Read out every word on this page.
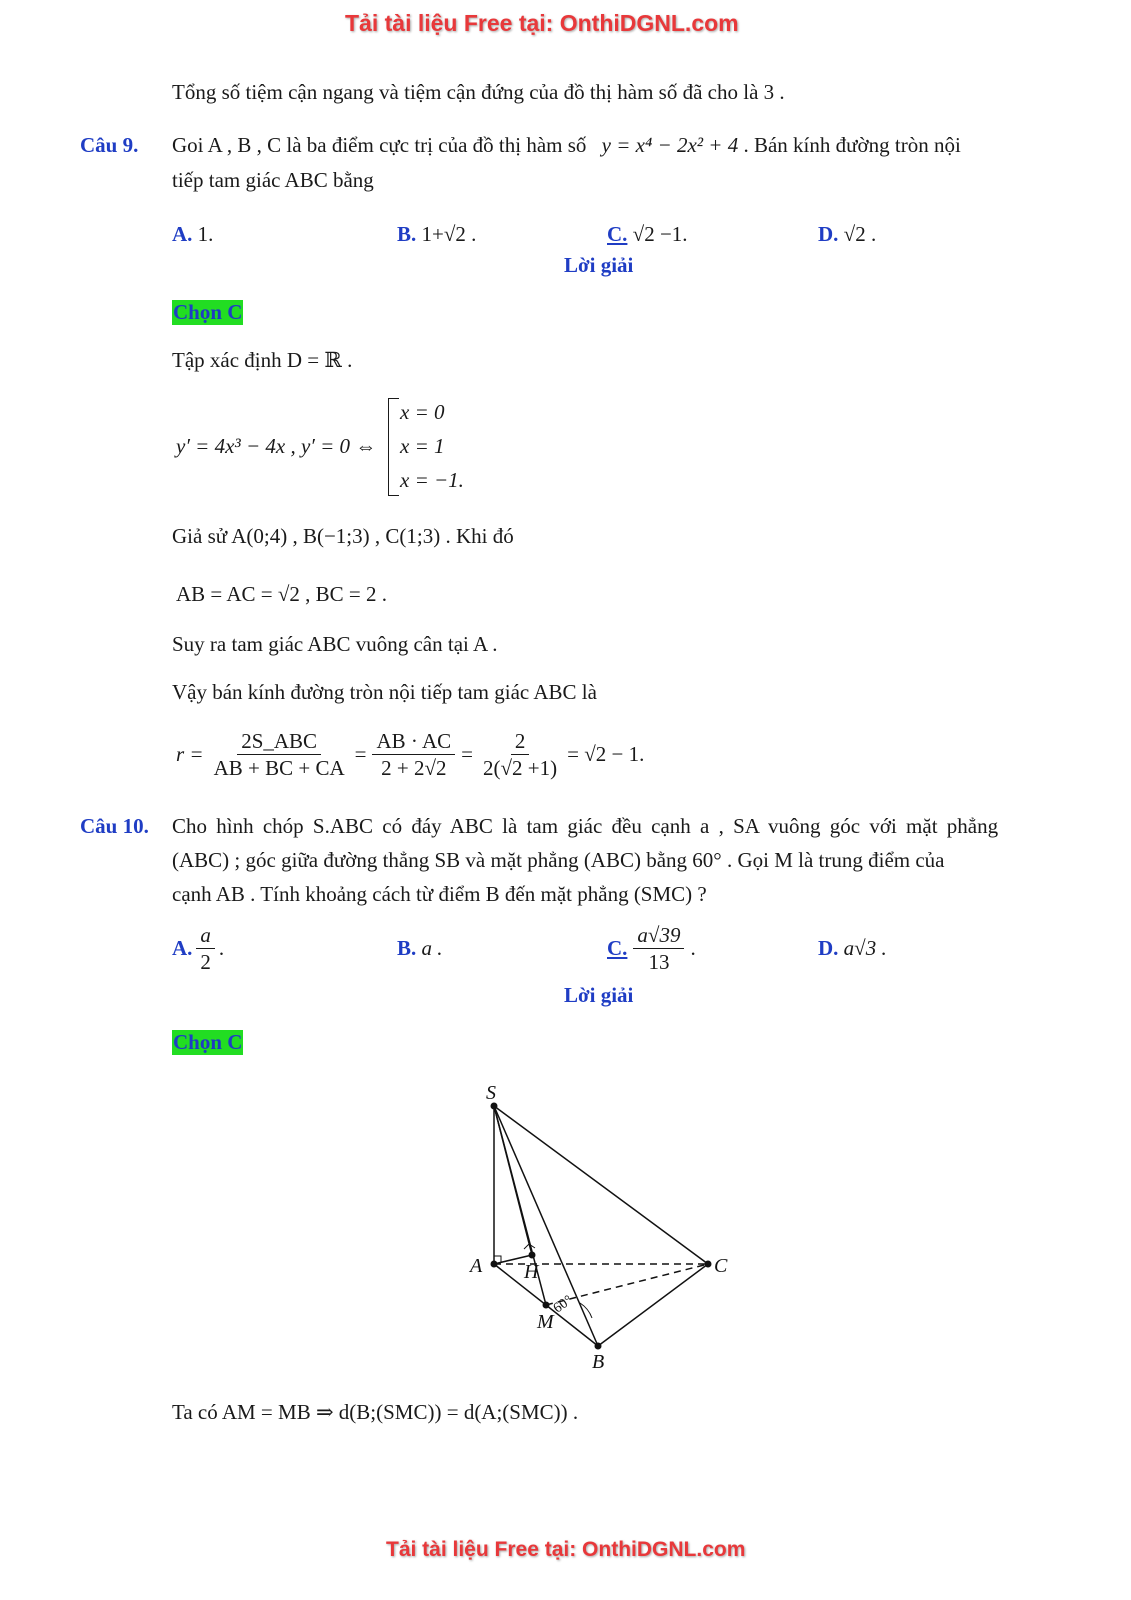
Tải tài liệu Free tại: OnthiDGNL.com
Tổng số tiệm cận ngang và tiệm cận đứng của đồ thị hàm số đã cho là 3 .
Câu 9. Goi A , B , C là ba điểm cực trị của đồ thị hàm số y = x⁴ − 2x² + 4 . Bán kính đường tròn nội
tiếp tam giác ABC bằng
A. 1.	B. 1+√2 .	C. √2 −1.	D. √2 .
Lời giải
Chọn C
Tập xác định D = ℝ .
y′ = 4x³ − 4x , y′ = 0 ⇔
x = 0
x = 1
x = −1.
Giả sử A(0;4) , B(−1;3) , C(1;3) . Khi đó
AB = AC = √2 , BC = 2 .
Suy ra tam giác ABC vuông cân tại A .
Vậy bán kính đường tròn nội tiếp tam giác ABC là
$r = \frac{\text{2S\_ABC}}{AB + BC + CA} = \frac{AB \cdot AC}{2 + 2√2} = \frac{2}{2(√2 +1)} = √2 - 1$.
Câu 10. Cho hình chóp S.ABC có đáy ABC là tam giác đều cạnh a , SA vuông góc với mặt phẳng
(ABC) ; góc giữa đường thẳng SB và mặt phẳng (ABC) bằng 60° . Gọi M là trung điểm của
cạnh AB . Tính khoảng cách từ điểm B đến mặt phẳng (SMC) ?
A. $\frac{a}{2}$ .	B. a .	C. $\frac{a√39}{13}$ .	D. a√3 .
Lời giải
Chọn C
S
A H	C
M
B
60°
Ta có AM = MB ⇒ d(B;(SMC)) = d(A;(SMC)) .
Tải tài liệu Free tại: OnthiDGNL.com
